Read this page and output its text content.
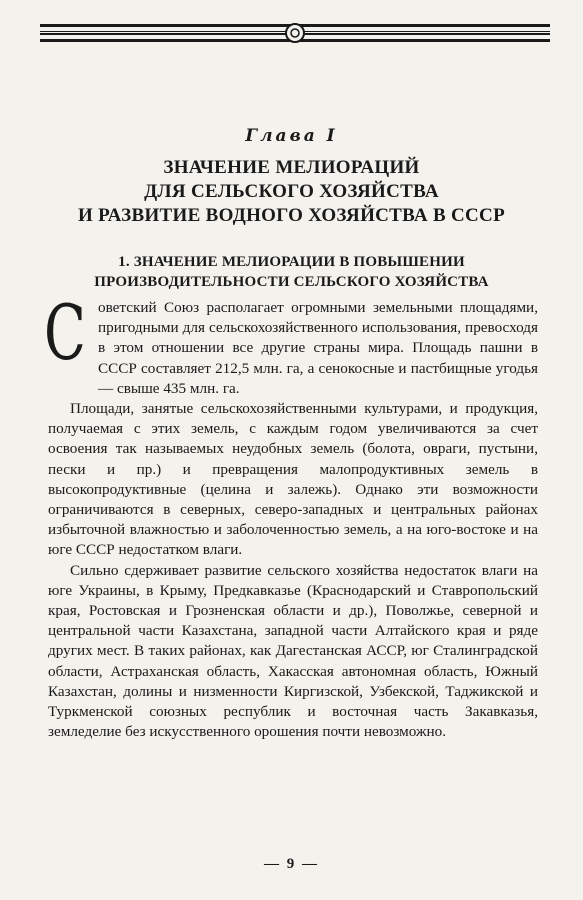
Глава I
ЗНАЧЕНИЕ МЕЛИОРАЦИЙ
ДЛЯ СЕЛЬСКОГО ХОЗЯЙСТВА
И РАЗВИТИЕ ВОДНОГО ХОЗЯЙСТВА В СССР
1. ЗНАЧЕНИЕ МЕЛИОРАЦИИ В ПОВЫШЕНИИ
ПРОИЗВОДИТЕЛЬНОСТИ СЕЛЬСКОГО ХОЗЯЙСТВА

Советский Союз располагает огромными земельными площадями, пригодными для сельскохозяйственного использования, превосходя в этом отношении все другие страны мира. Площадь пашни в СССР составляет 212,5 млн. га, а сенокосные и пастбищные угодья — свыше 435 млн. га.

Площади, занятые сельскохозяйственными культурами, и продукция, получаемая с этих земель, с каждым годом увеличиваются за счет освоения так называемых неудобных земель (болота, овраги, пустыни, пески и пр.) и превращения малопродуктивных земель в высокопродуктивные (целина и залежь). Однако эти возможности ограничиваются в северных, северо-западных и центральных районах избыточной влажностью и заболоченностью земель, а на юго-востоке и на юге СССР недостатком влаги.

Сильно сдерживает развитие сельского хозяйства недостаток влаги на юге Украины, в Крыму, Предкавказье (Краснодарский и Ставропольский края, Ростовская и Грозненская области и др.), Поволжье, северной и центральной части Казахстана, западной части Алтайского края и ряде других мест. В таких районах, как Дагестанская АССР, юг Сталинградской области, Астраханская область, Хакасская автономная область, Южный Казахстан, долины и низменности Киргизской, Узбекской, Таджикской и Туркменской союзных республик и восточная часть Закавказья, земледелие без искусственного орошения почти невозможно.

— 9 —
